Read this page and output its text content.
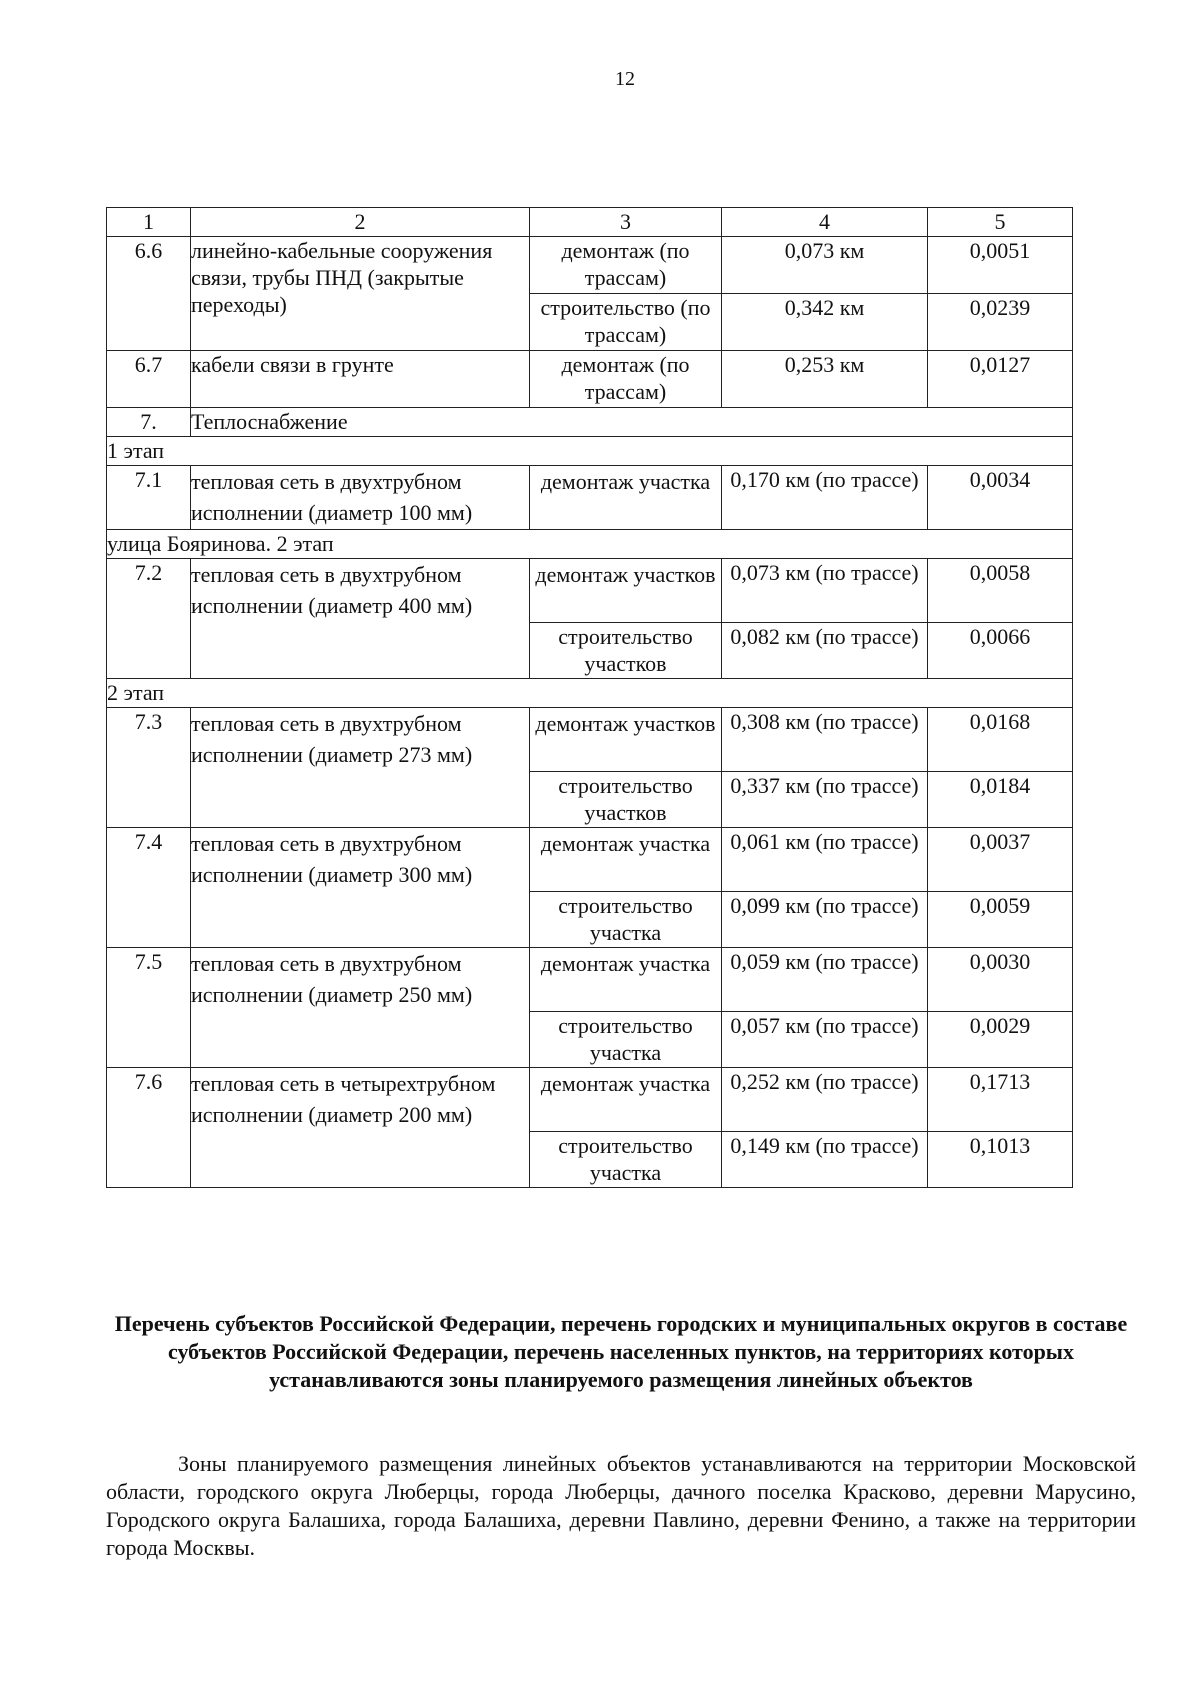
12
1	2	3	4	5
6.6	линейно-кабельные сооружения связи, трубы ПНД (закрытые переходы)	демонтаж (по трассам)	0,073 км	0,0051
		строительство (по трассам)	0,342 км	0,0239
6.7	кабели связи в грунте	демонтаж (по трассам)	0,253 км	0,0127
7.	Теплоснабжение			
1 этап				
7.1	тепловая сеть в двухтрубном исполнении (диаметр 100 мм)	демонтаж участка	0,170 км (по трассе)	0,0034
улица Бояринова. 2 этап				
7.2	тепловая сеть в двухтрубном исполнении (диаметр 400 мм)	демонтаж участков	0,073 км (по трассе)	0,0058
		строительство участков	0,082 км (по трассе)	0,0066
2 этап				
7.3	тепловая сеть в двухтрубном исполнении (диаметр 273 мм)	демонтаж участков	0,308 км (по трассе)	0,0168
		строительство участков	0,337 км (по трассе)	0,0184
7.4	тепловая сеть в двухтрубном исполнении (диаметр 300 мм)	демонтаж участка	0,061 км (по трассе)	0,0037
		строительство участка	0,099 км (по трассе)	0,0059
7.5	тепловая сеть в двухтрубном исполнении (диаметр 250 мм)	демонтаж участка	0,059 км (по трассе)	0,0030
		строительство участка	0,057 км (по трассе)	0,0029
7.6	тепловая сеть в четырехтрубном исполнении (диаметр 200 мм)	демонтаж участка	0,252 км (по трассе)	0,1713
		строительство участка	0,149 км (по трассе)	0,1013
Перечень субъектов Российской Федерации, перечень городских и муниципальных округов в составе субъектов Российской Федерации, перечень населенных пунктов, на территориях которых устанавливаются зоны планируемого размещения линейных объектов
Зоны планируемого размещения линейных объектов устанавливаются на территории Московской области, городского округа Люберцы, города Люберцы, дачного поселка Красково, деревни Марусино, Городского округа Балашиха, города Балашиха, деревни Павлино, деревни Фенино, а также на территории города Москвы.
